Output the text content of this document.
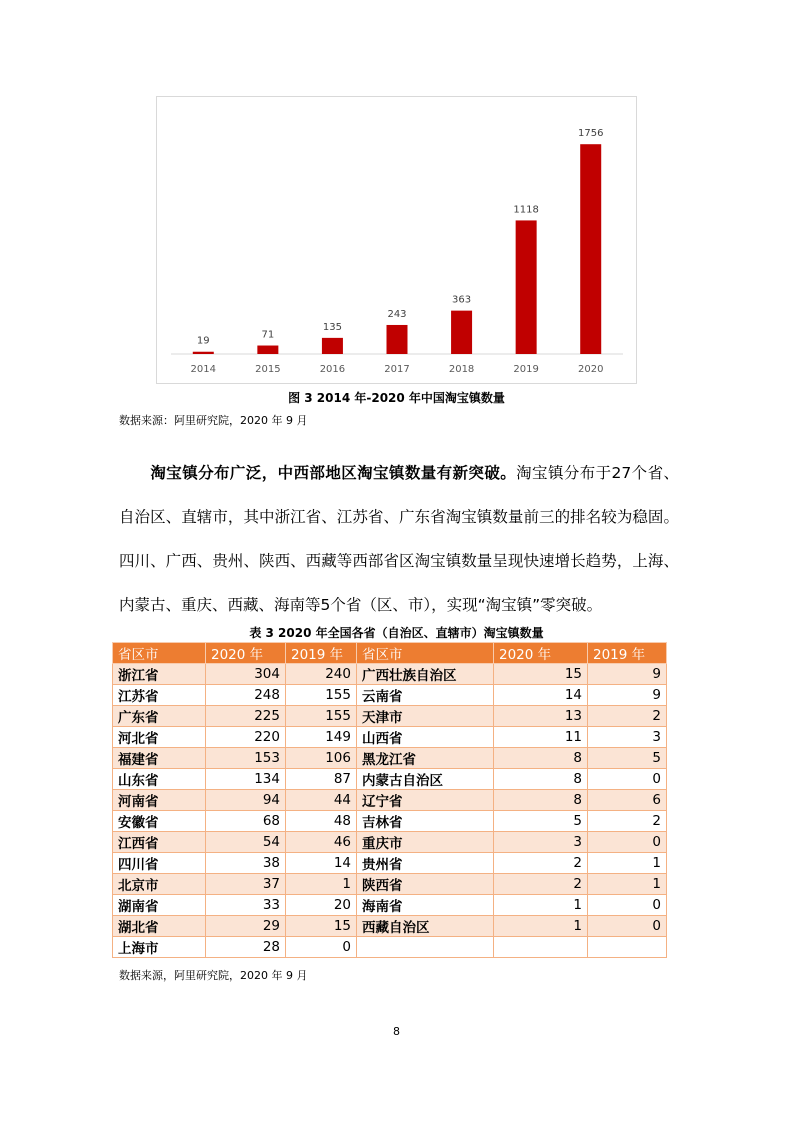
19
2014
71
2015
135
2016
243
2017
363
2018
1118
2019
1756
2020
图 3 2014 年-2020 年中国淘宝镇数量
数据来源：阿里研究院，2020 年 9 月

淘宝镇分布广泛，中西部地区淘宝镇数量有新突破。淘宝镇分布于27个省、自治区、直辖市，其中浙江省、江苏省、广东省淘宝镇数量前三的排名较为稳固。四川、广西、贵州、陕西、西藏等西部省区淘宝镇数量呈现快速增长趋势，上海、内蒙古、重庆、西藏、海南等5个省（区、市），实现“淘宝镇”零突破。

表 3 2020 年全国各省（自治区、直辖市）淘宝镇数量
省区市	2020 年	2019 年	省区市	2020 年	2019 年
浙江省	304	240	广西壮族自治区	15	9
江苏省	248	155	云南省	14	9
广东省	225	155	天津市	13	2
河北省	220	149	山西省	11	3
福建省	153	106	黑龙江省	8	5
山东省	134	87	内蒙古自治区	8	0
河南省	94	44	辽宁省	8	6
安徽省	68	48	吉林省	5	2
江西省	54	46	重庆市	3	0
四川省	38	14	贵州省	2	1
北京市	37	1	陕西省	2	1
湖南省	33	20	海南省	1	0
湖北省	29	15	西藏自治区	1	0
上海市	28	0			
数据来源，阿里研究院，2020 年 9 月
8
